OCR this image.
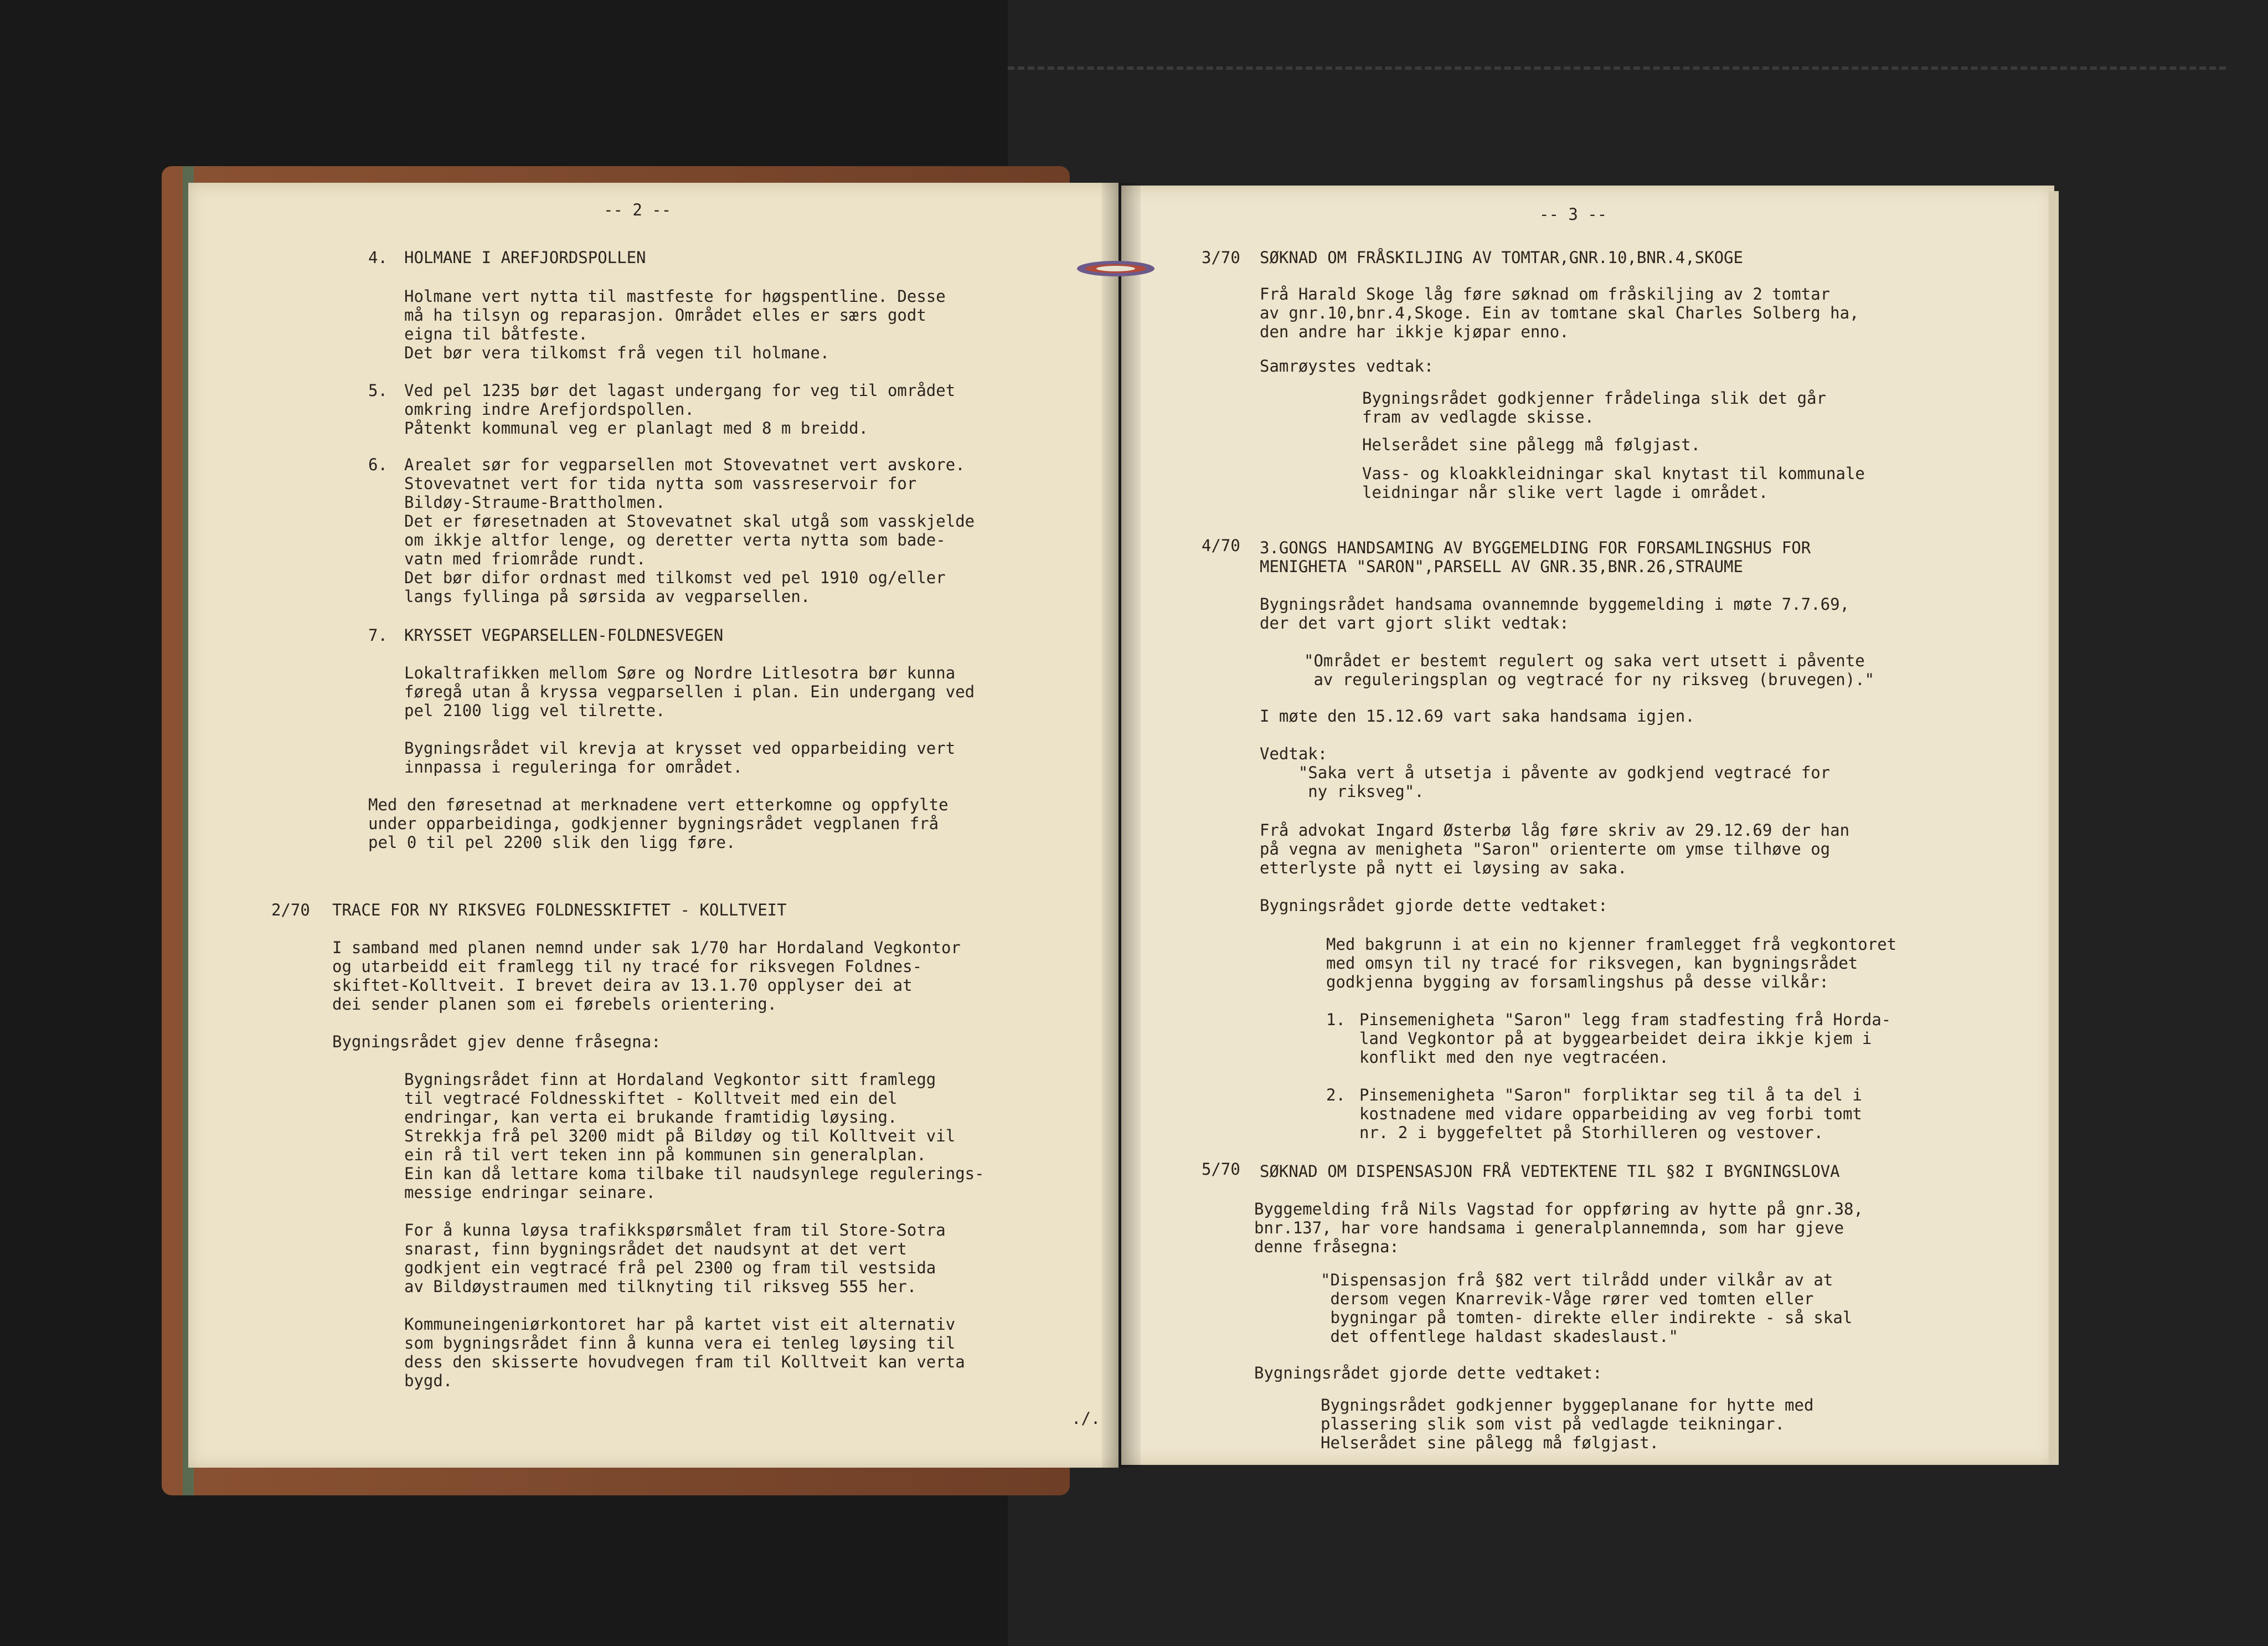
-- 2 --

4. HOLMANE I AREFJORDSPOLLEN

Holmane vert nytta til mastfeste for høgspentline. Desse
må ha tilsyn og reparasjon. Området elles er særs godt
eigna til båtfeste.
Det bør vera tilkomst frå vegen til holmane.

5. Ved pel 1235 bør det lagast undergang for veg til området
omkring indre Arefjordspollen.
Påtenkt kommunal veg er planlagt med 8 m breidd.

6. Arealet sør for vegparsellen mot Stovevatnet vert avskore.
Stovevatnet vert for tida nytta som vassreservoir for
Bildøy-Straume-Brattholmen.
Det er føresetnaden at Stovevatnet skal utgå som vasskjelde
om ikkje altfor lenge, og deretter verta nytta som bade-
vatn med friområde rundt.
Det bør difor ordnast med tilkomst ved pel 1910 og/eller
langs fyllinga på sørsida av vegparsellen.

7. KRYSSET VEGPARSELLEN-FOLDNESVEGEN

Lokaltrafikken mellom Søre og Nordre Litlesotra bør kunna
føregå utan å kryssa vegparsellen i plan. Ein undergang ved
pel 2100 ligg vel tilrette.

Bygningsrådet vil krevja at krysset ved opparbeiding vert
innpassa i reguleringa for området.

Med den føresetnad at merknadene vert etterkomne og oppfylte
under opparbeidinga, godkjenner bygningsrådet vegplanen frå
pel 0 til pel 2200 slik den ligg føre.

2/70 TRACE FOR NY RIKSVEG FOLDNESSKIFTET - KOLLTVEIT

I samband med planen nemnd under sak 1/70 har Hordaland Vegkontor
og utarbeidd eit framlegg til ny tracé for riksvegen Foldnes-
skiftet-Kolltveit. I brevet deira av 13.1.70 opplyser dei at
dei sender planen som ei førebels orientering.

Bygningsrådet gjev denne fråsegna:

Bygningsrådet finn at Hordaland Vegkontor sitt framlegg
til vegtracé Foldnesskiftet - Kolltveit med ein del
endringar, kan verta ei brukande framtidig løysing.
Strekkja frå pel 3200 midt på Bildøy og til Kolltveit vil
ein rå til vert teken inn på kommunen sin generalplan.
Ein kan då lettare koma tilbake til naudsynlege regulerings-
messige endringar seinare.

For å kunna løysa trafikkspørsmålet fram til Store-Sotra
snarast, finn bygningsrådet det naudsynt at det vert
godkjent ein vegtracé frå pel 2300 og fram til vestsida
av Bildøystraumen med tilknyting til riksveg 555 her.

Kommuneingeniørkontoret har på kartet vist eit alternativ
som bygningsrådet finn å kunna vera ei tenleg løysing til
dess den skisserte hovudvegen fram til Kolltveit kan verta
bygd.

./.

-- 3 --

3/70 SØKNAD OM FRÅSKILJING AV TOMTAR,GNR.10,BNR.4,SKOGE

Frå Harald Skoge låg føre søknad om fråskiljing av 2 tomtar
av gnr.10,bnr.4,Skoge. Ein av tomtane skal Charles Solberg ha,
den andre har ikkje kjøpar enno.

Samrøystes vedtak:

Bygningsrådet godkjenner frådelinga slik det går
fram av vedlagde skisse.

Helserådet sine pålegg må følgjast.

Vass- og kloakkleidningar skal knytast til kommunale
leidningar når slike vert lagde i området.

4/70 3.GONGS HANDSAMING AV BYGGEMELDING FOR FORSAMLINGSHUS FOR
MENIGHETA "SARON",PARSELL AV GNR.35,BNR.26,STRAUME

Bygningsrådet handsama ovannemnde byggemelding i møte 7.7.69,
der det vart gjort slikt vedtak:

"Området er bestemt regulert og saka vert utsett i påvente
av reguleringsplan og vegtracé for ny riksveg (bruvegen)."

I møte den 15.12.69 vart saka handsama igjen.

Vedtak:
"Saka vert å utsetja i påvente av godkjend vegtracé for
ny riksveg".

Frå advokat Ingard Østerbø låg føre skriv av 29.12.69 der han
på vegna av menigheta "Saron" orienterte om ymse tilhøve og
etterlyste på nytt ei løysing av saka.

Bygningsrådet gjorde dette vedtaket:

Med bakgrunn i at ein no kjenner framlegget frå vegkontoret
med omsyn til ny tracé for riksvegen, kan bygningsrådet
godkjenna bygging av forsamlingshus på desse vilkår:

1. Pinsemenigheta "Saron" legg fram stadfesting frå Horda-
land Vegkontor på at byggearbeidet deira ikkje kjem i
konflikt med den nye vegtracéen.

2. Pinsemenigheta "Saron" forpliktar seg til å ta del i
kostnadene med vidare opparbeiding av veg forbi tomt
nr. 2 i byggefeltet på Storhilleren og vestover.

5/70 SØKNAD OM DISPENSASJON FRÅ VEDTEKTENE TIL §82 I BYGNINGSLOVA

Byggemelding frå Nils Vagstad for oppføring av hytte på gnr.38,
bnr.137, har vore handsama i generalplannemnda, som har gjeve
denne fråsegna:

"Dispensasjon frå §82 vert tilrådd under vilkår av at
dersom vegen Knarrevik-Våge rører ved tomten eller
bygningar på tomten- direkte eller indirekte - så skal
det offentlege haldast skadeslaust."

Bygningsrådet gjorde dette vedtaket:

Bygningsrådet godkjenner byggeplanane for hytte med
plassering slik som vist på vedlagde teikningar.
Helserådet sine pålegg må følgjast.
